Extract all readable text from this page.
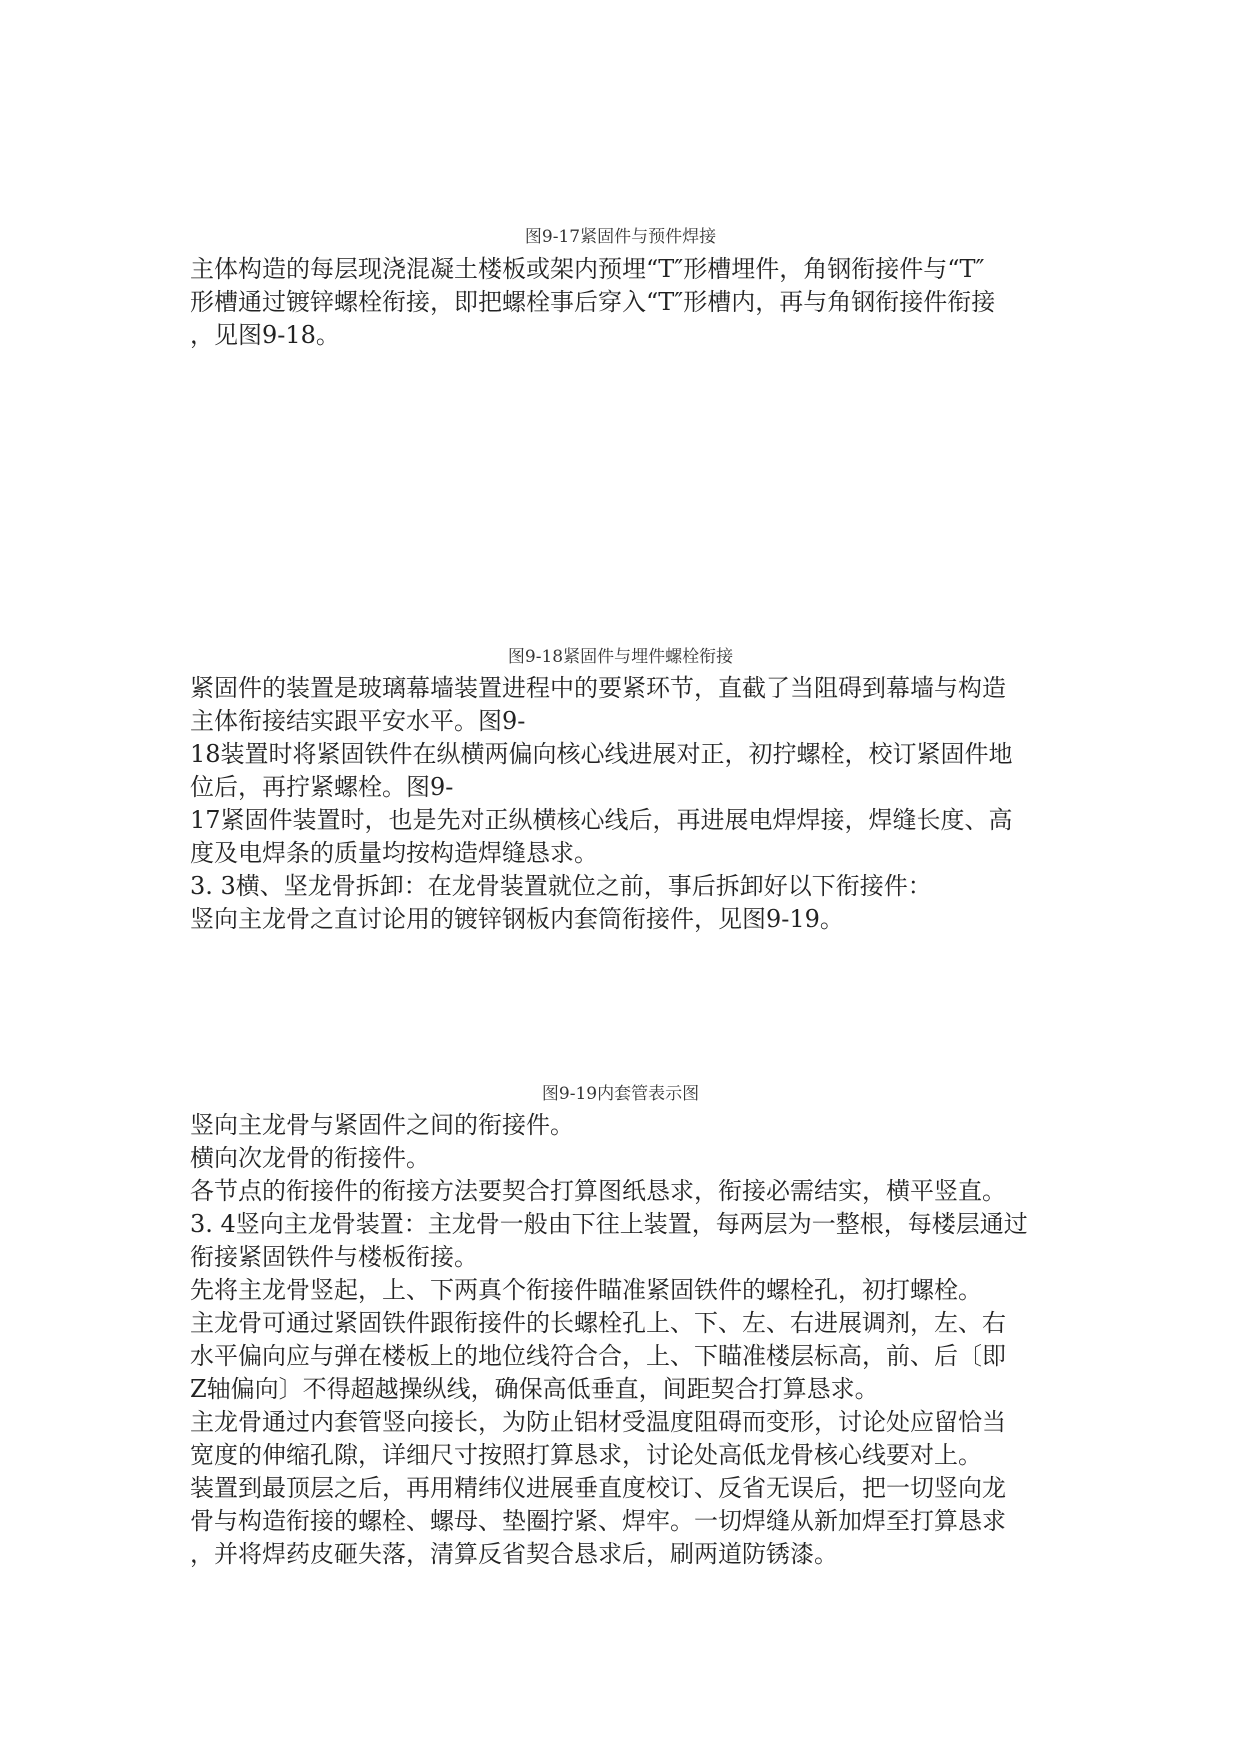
图9-17紧固件与预件焊接
主体构造的每层现浇混凝土楼板或架内预埋“T″形槽埋件，角钢衔接件与“T″
形槽通过镀锌螺栓衔接，即把螺栓事后穿入“T″形槽内，再与角钢衔接件衔接
，见图9-18。
图9-18紧固件与埋件螺栓衔接
紧固件的装置是玻璃幕墙装置进程中的要紧环节，直截了当阻碍到幕墙与构造
主体衔接结实跟平安水平。图9-
18装置时将紧固铁件在纵横两偏向核心线进展对正，初拧螺栓，校订紧固件地
位后，再拧紧螺栓。图9-
17紧固件装置时，也是先对正纵横核心线后，再进展电焊焊接，焊缝长度、高
度及电焊条的质量均按构造焊缝恳求。
3. 3横、坚龙骨拆卸：在龙骨装置就位之前，事后拆卸好以下衔接件：
竖向主龙骨之直讨论用的镀锌钢板内套筒衔接件，见图9-19。
图9-19内套管表示图
竖向主龙骨与紧固件之间的衔接件。
横向次龙骨的衔接件。
各节点的衔接件的衔接方法要契合打算图纸恳求，衔接必需结实，横平竖直。
3. 4竖向主龙骨装置：主龙骨一般由下往上装置，每两层为一整根，每楼层通过
衔接紧固铁件与楼板衔接。
先将主龙骨竖起，上、下两真个衔接件瞄准紧固铁件的螺栓孔，初打螺栓。
主龙骨可通过紧固铁件跟衔接件的长螺栓孔上、下、左、右进展调剂，左、右
水平偏向应与弹在楼板上的地位线符合合，上、下瞄准楼层标高，前、后〔即
Z轴偏向〕不得超越操纵线，确保高低垂直，间距契合打算恳求。
主龙骨通过内套管竖向接长，为防止铝材受温度阻碍而变形，讨论处应留恰当
宽度的伸缩孔隙，详细尺寸按照打算恳求，讨论处高低龙骨核心线要对上。
装置到最顶层之后，再用精纬仪进展垂直度校订、反省无误后，把一切竖向龙
骨与构造衔接的螺栓、螺母、垫圈拧紧、焊牢。一切焊缝从新加焊至打算恳求
，并将焊药皮砸失落，清算反省契合恳求后，刷两道防锈漆。
